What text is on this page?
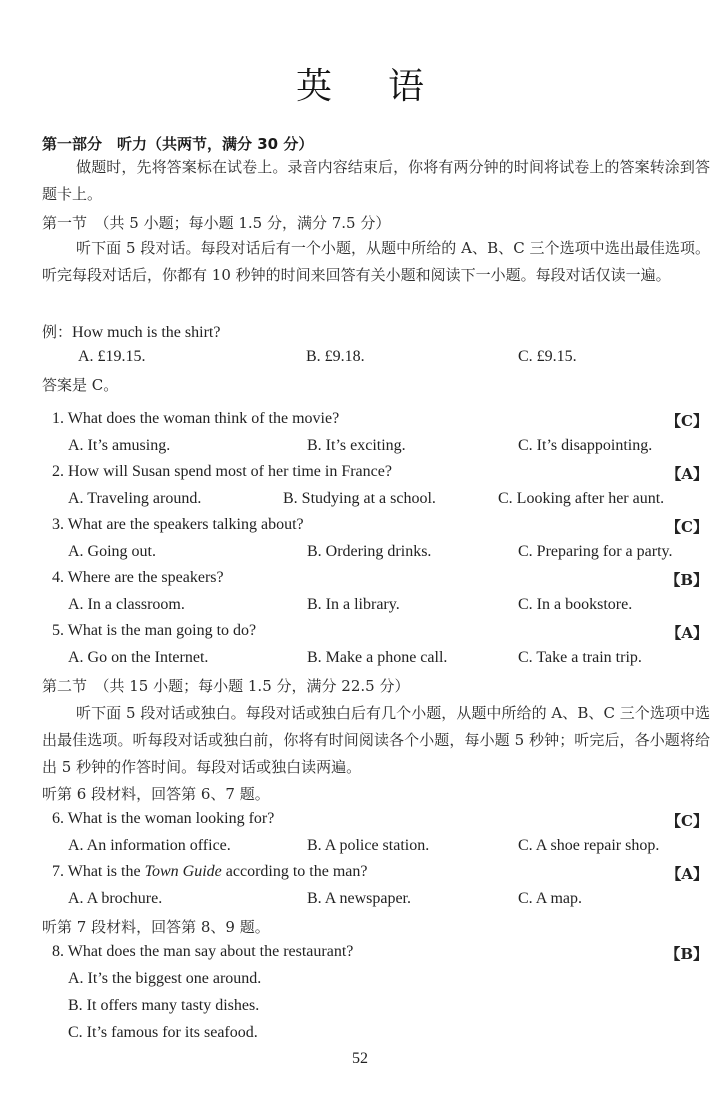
英 语
第一部分　听力（共两节，满分 30 分）
做题时，先将答案标在试卷上。录音内容结束后，你将有两分钟的时间将试卷上的答案转涂到答题卡上。
第一节　（共 5 小题；每小题 1.5 分，满分 7.5 分）
听下面 5 段对话。每段对话后有一个小题，从题中所给的 A、B、C 三个选项中选出最佳选项。听完每段对话后，你都有 10 秒钟的时间来回答有关小题和阅读下一小题。每段对话仅读一遍。
例：How much is the shirt?
A. £19.15.	B. £9.18.	C. £9.15.
答案是 C。
1. What does the woman think of the movie?	【C】
A. It’s amusing.	B. It’s exciting.	C. It’s disappointing.
2. How will Susan spend most of her time in France?	【A】
A. Traveling around.	B. Studying at a school.	C. Looking after her aunt.
3. What are the speakers talking about?	【C】
A. Going out.	B. Ordering drinks.	C. Preparing for a party.
4. Where are the speakers?	【B】
A. In a classroom.	B. In a library.	C. In a bookstore.
5. What is the man going to do?	【A】
A. Go on the Internet.	B. Make a phone call.	C. Take a train trip.
第二节　（共 15 小题；每小题 1.5 分，满分 22.5 分）
听下面 5 段对话或独白。每段对话或独白后有几个小题，从题中所给的 A、B、C 三个选项中选出最佳选项。听每段对话或独白前，你将有时间阅读各个小题，每小题 5 秒钟；听完后，各小题将给出 5 秒钟的作答时间。每段对话或独白读两遍。
听第 6 段材料，回答第 6、7 题。
6. What is the woman looking for?	【C】
A. An information office.	B. A police station.	C. A shoe repair shop.
7. What is the Town Guide according to the man?	【A】
A. A brochure.	B. A newspaper.	C. A map.
听第 7 段材料，回答第 8、9 题。
8. What does the man say about the restaurant?	【B】
A. It’s the biggest one around.
B. It offers many tasty dishes.
C. It’s famous for its seafood.
52
